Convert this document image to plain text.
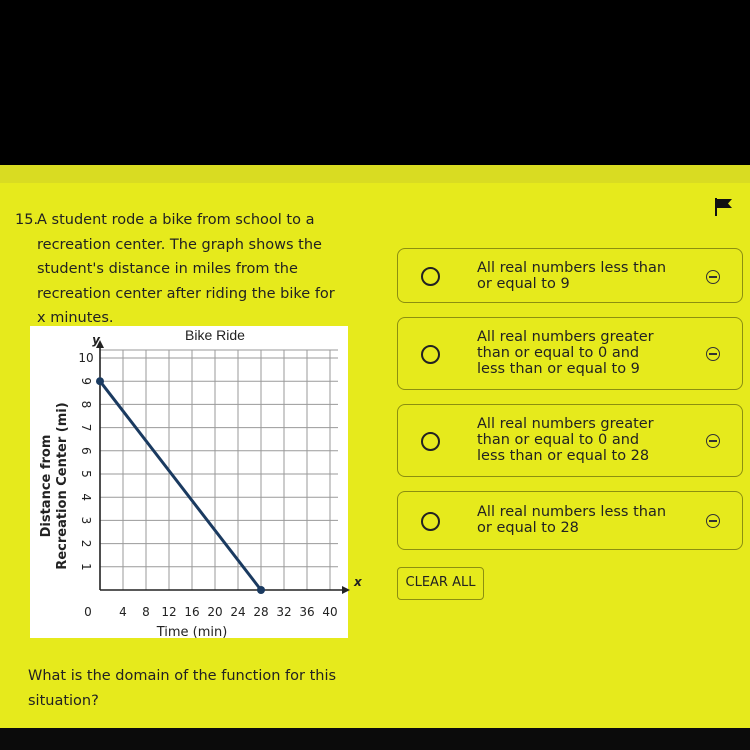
15.
A student rode a bike from school to a
recreation center. The graph shows the
student's distance in miles from the
recreation center after riding the bike for
x minutes.
Bike Ride
y
x
0 4 8 12 16 20 24 28 32 36 40
1
2
3
4
5
6
7
8
9
10
Time (min)
Distance from Recreation Center (mi)
What is the domain of the function for this
situation?
All real numbers less than
or equal to 9
All real numbers greater
than or equal to 0 and
less than or equal to 9
All real numbers greater
than or equal to 0 and
less than or equal to 28
All real numbers less than
or equal to 28
CLEAR ALL
